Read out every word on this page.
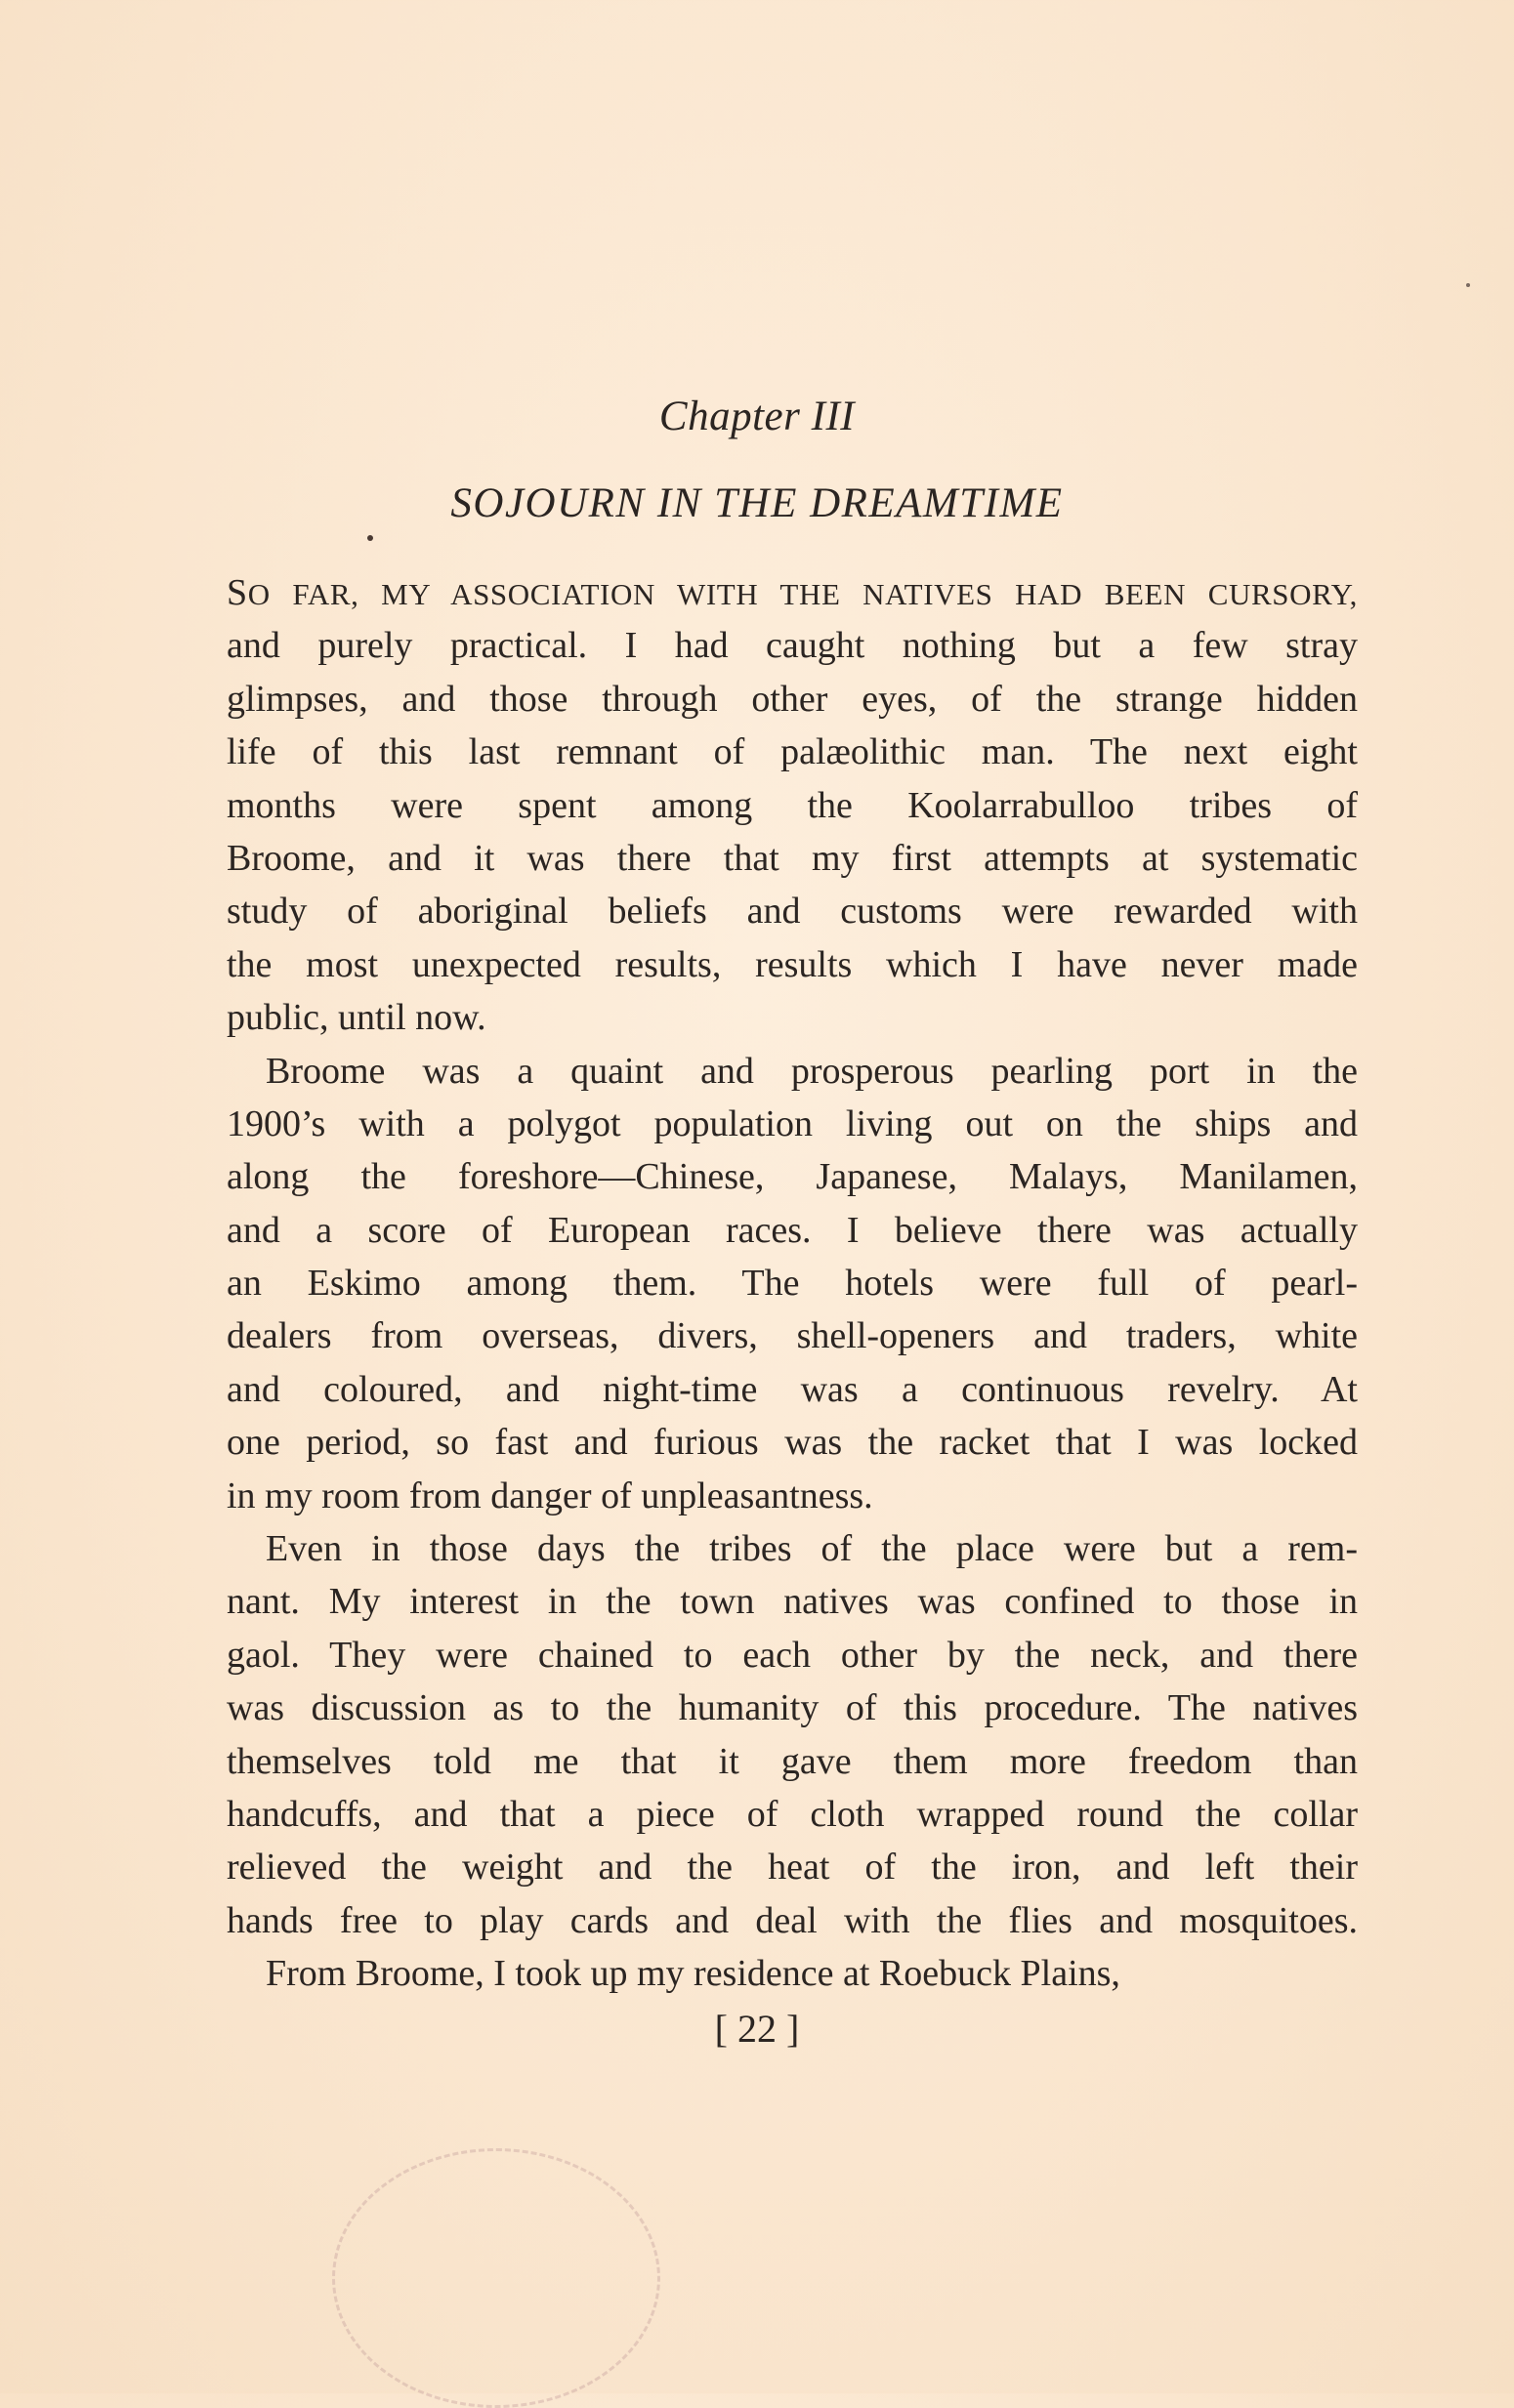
Chapter III
SOJOURN IN THE DREAMTIME
SO FAR, MY ASSOCIATION WITH THE NATIVES HAD BEEN CURSORY,
and purely practical. I had caught nothing but a few stray
glimpses, and those through other eyes, of the strange hidden
life of this last remnant of palæolithic man. The next eight
months were spent among the Koolarrabulloo tribes of
Broome, and it was there that my first attempts at systematic
study of aboriginal beliefs and customs were rewarded with
the most unexpected results, results which I have never made
public, until now.
Broome was a quaint and prosperous pearling port in the
1900’s with a polygot population living out on the ships and
along the foreshore—Chinese, Japanese, Malays, Manilamen,
and a score of European races. I believe there was actually
an Eskimo among them. The hotels were full of pearl-
dealers from overseas, divers, shell-openers and traders, white
and coloured, and night-time was a continuous revelry. At
one period, so fast and furious was the racket that I was locked
in my room from danger of unpleasantness.
Even in those days the tribes of the place were but a rem-
nant. My interest in the town natives was confined to those in
gaol. They were chained to each other by the neck, and there
was discussion as to the humanity of this procedure. The natives
themselves told me that it gave them more freedom than
handcuffs, and that a piece of cloth wrapped round the collar
relieved the weight and the heat of the iron, and left their
hands free to play cards and deal with the flies and mosquitoes.
From Broome, I took up my residence at Roebuck Plains,
[ 22 ]
